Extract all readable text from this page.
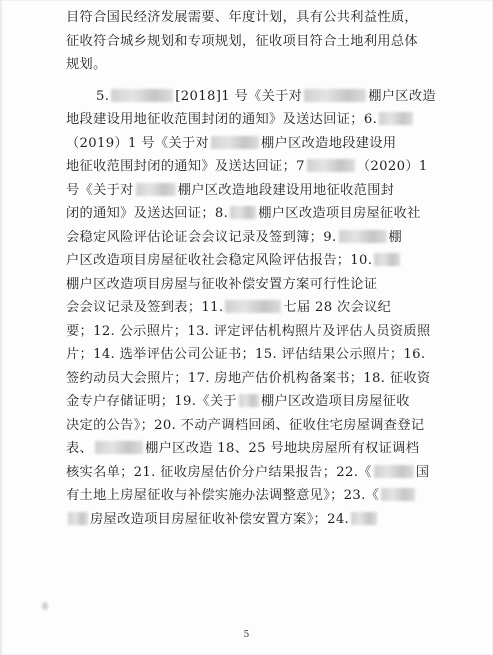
目符合国民经济发展需要、年度计划，具有公共利益性质，
征收符合城乡规划和专项规划，征收项目符合土地利用总体
规划。
5.	[2018]1 号《关于对	棚户区改造
地段建设用地征收范围封闭的通知》及送达回证；6.
（2019）1 号《关于对	棚户区改造地段建设用
地征收范围封闭的通知》及送达回证；7	（2020）1
号《关于对	棚户区改造地段建设用地征收范围封
闭的通知》及送达回证；8. 棚户区改造项目房屋征收社
会稳定风险评估论证会会议记录及签到簿；9.	棚
户区改造项目房屋征收社会稳定风险评估报告；10.
棚户区改造项目房屋与征收补偿安置方案可行性论证
会会议记录及签到表；11.	七届 28 次会议纪
要；12. 公示照片；13. 评定评估机构照片及评估人员资质照
片；14. 选举评估公司公证书；15. 评估结果公示照片；16.
签约动员大会照片；17. 房地产估价机构备案书；18. 征收资
金专户存储证明；19.《关于 棚户区改造项目房屋征收
决定的公告》；20. 不动产调档回函、征收住宅房屋调查登记
表、	棚户区改造 18、25 号地块房屋所有权证调档
核实名单；21. 征收房屋估价分户结果报告；22.《	国
有土地上房屋征收与补偿实施办法调整意见》；23.《
房屋改造项目房屋征收补偿安置方案》；24.
5
